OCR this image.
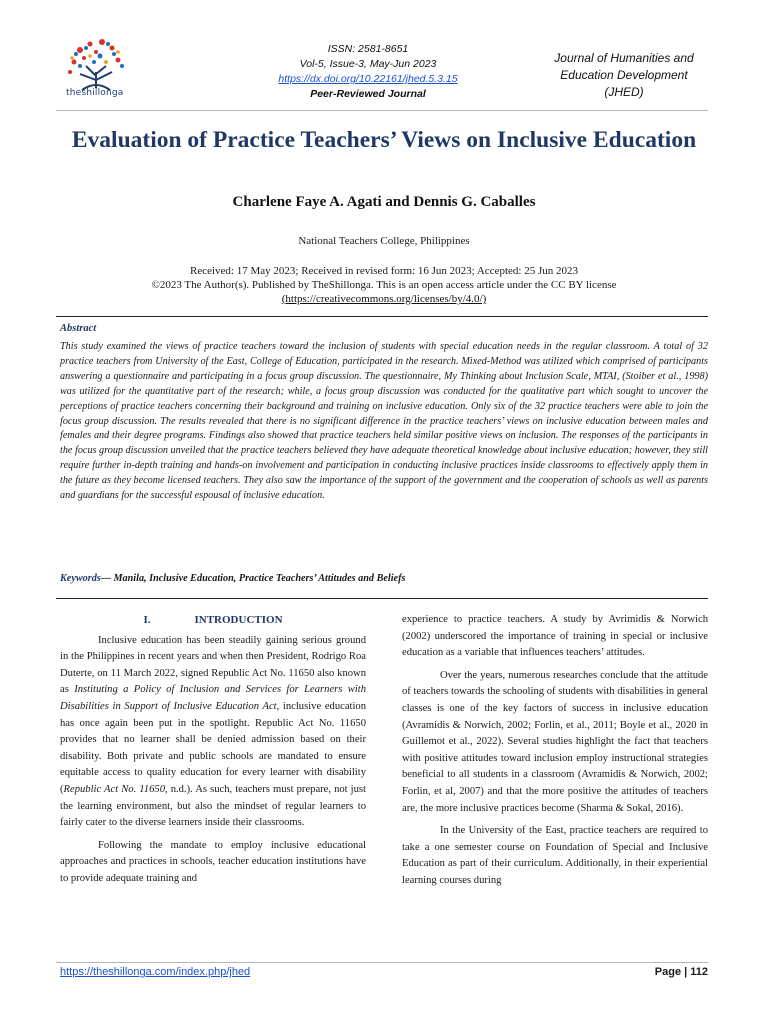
theshillonga
ISSN: 2581-8651
Vol-5, Issue-3, May-Jun 2023
https://dx.doi.org/10.22161/jhed.5.3.15
Peer-Reviewed Journal
Journal of Humanities and
Education Development
(JHED)
Evaluation of Practice Teachers’ Views on Inclusive Education
Charlene Faye A. Agati and Dennis G. Caballes
National Teachers College, Philippines
Received: 17 May 2023; Received in revised form: 16 Jun 2023; Accepted: 25 Jun 2023
©2023 The Author(s). Published by TheShillonga. This is an open access article under the CC BY license
(https://creativecommons.org/licenses/by/4.0/)
Abstract
This study examined the views of practice teachers toward the inclusion of students with special education needs in the regular classroom. A total of 32 practice teachers from University of the East, College of Education, participated in the research. Mixed-Method was utilized which comprised of participants answering a questionnaire and participating in a focus group discussion. The questionnaire, My Thinking about Inclusion Scale, MTAI, (Stoiber et al., 1998) was utilized for the quantitative part of the research; while, a focus group discussion was conducted for the qualitative part which sought to uncover the perceptions of practice teachers concerning their background and training on inclusive education. Only six of the 32 practice teachers were able to join the focus group discussion. The results revealed that there is no significant difference in the practice teachers’ views on inclusive education between males and females and their degree programs. Findings also showed that practice teachers held similar positive views on inclusion. The responses of the participants in the focus group discussion unveiled that the practice teachers believed they have adequate theoretical knowledge about inclusive education; however, they still require further in-depth training and hands-on involvement and participation in conducting inclusive practices inside classrooms to effectively apply them in the future as they become licensed teachers. They also saw the importance of the support of the government and the cooperation of schools as well as parents and guardians for the successful espousal of inclusive education.
Keywords— Manila, Inclusive Education, Practice Teachers’ Attitudes and Beliefs
I.	INTRODUCTION

Inclusive education has been steadily gaining serious ground in the Philippines in recent years and when then President, Rodrigo Roa Duterte, on 11 March 2022, signed Republic Act No. 11650 also known as Instituting a Policy of Inclusion and Services for Learners with Disabilities in Support of Inclusive Education Act, inclusive education has once again been put in the spotlight. Republic Act No. 11650 provides that no learner shall be denied admission based on their disability. Both private and public schools are mandated to ensure equitable access to quality education for every learner with disability (Republic Act No. 11650, n.d.). As such, teachers must prepare, not just the learning environment, but also the mindset of regular learners to fairly cater to the diverse learners inside their classrooms.

Following the mandate to employ inclusive educational approaches and practices in schools, teacher education institutions have to provide adequate training and

experience to practice teachers. A study by Avrimidis & Norwich (2002) underscored the importance of training in special or inclusive education as a variable that influences teachers’ attitudes.

Over the years, numerous researches conclude that the attitude of teachers towards the schooling of students with disabilities in general classes is one of the key factors of success in inclusive education (Avramidis & Norwich, 2002; Forlin, et al., 2011; Boyle et al., 2020 in Guillemot et al., 2022). Several studies highlight the fact that teachers with positive attitudes toward inclusion employ instructional strategies beneficial to all students in a classroom (Avramidis & Norwich, 2002; Forlin, et al, 2007) and that the more positive the attitudes of teachers are, the more inclusive practices become (Sharma & Sokal, 2016).

In the University of the East, practice teachers are required to take a one semester course on Foundation of Special and Inclusive Education as part of their curriculum. Additionally, in their experiential learning courses during

https://theshillonga.com/index.php/jhed	Page | 112
